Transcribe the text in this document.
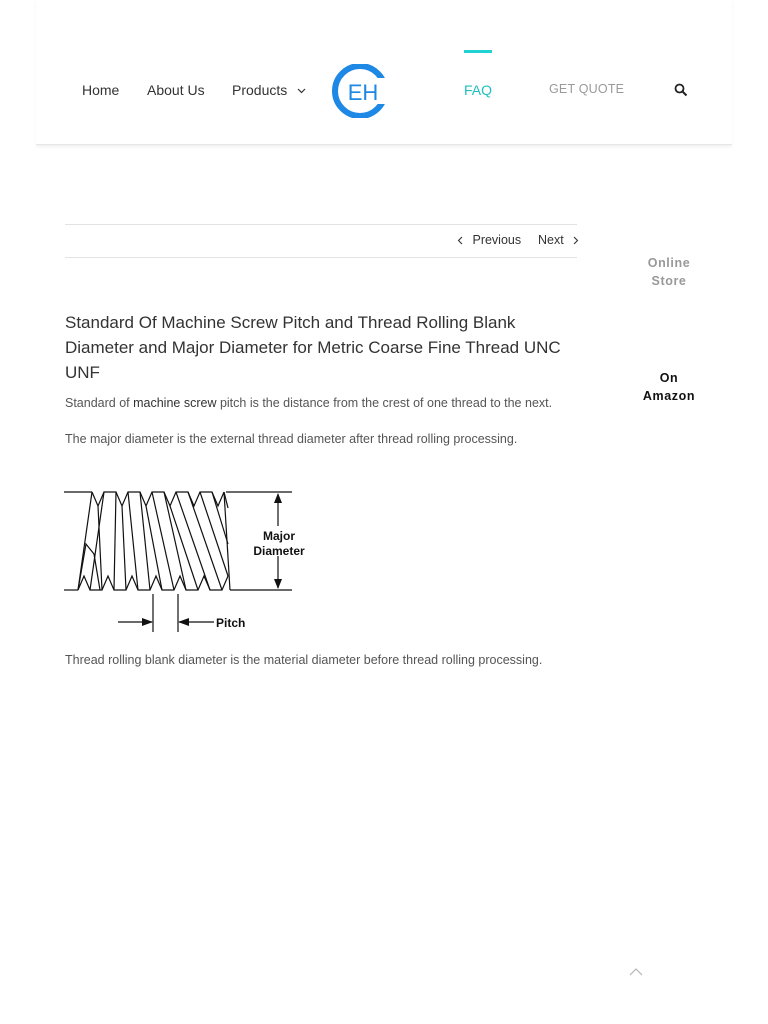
Home About Us Products	EH	FAQ	GET QUOTE
Previous Next
Standard Of Machine Screw Pitch and Thread Rolling Blank Diameter and Major Diameter for Metric Coarse Fine Thread UNC UNF

Standard of machine screw pitch is the distance from the crest of one thread to the next.

The major diameter is the external thread diameter after thread rolling processing.

Major
Diameter
Pitch

Thread rolling blank diameter is the material diameter before thread rolling processing.

Online
Store
On
Amazon
